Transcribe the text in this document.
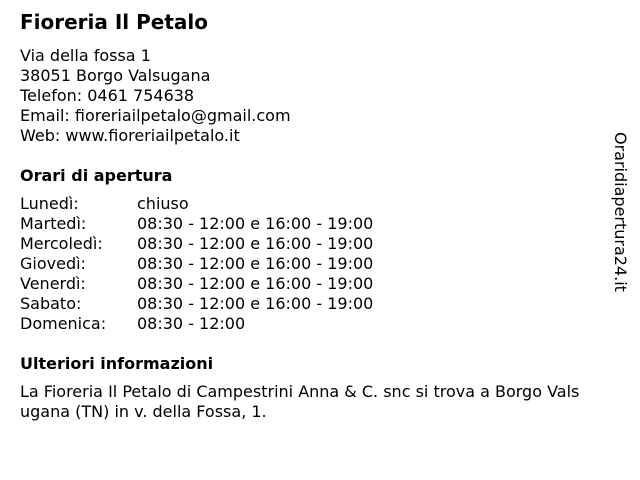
Fioreria Il Petalo
Via della fossa 1
38051 Borgo Valsugana
Telefon: 0461 754638
Email: fioreriailpetalo@gmail.com
Web: www.fioreriailpetalo.it
Orari di apertura
Lunedì:	chiuso
Martedì:	08:30 - 12:00 e 16:00 - 19:00
Mercoledì: 08:30 - 12:00 e 16:00 - 19:00
Giovedì:	08:30 - 12:00 e 16:00 - 19:00
Venerdì:	08:30 - 12:00 e 16:00 - 19:00
Sabato:	08:30 - 12:00 e 16:00 - 19:00
Domenica: 08:30 - 12:00
Ulteriori informazioni
La Fioreria Il Petalo di Campestrini Anna & C. snc si trova a Borgo Valsugana (TN) in v. della Fossa, 1.
Oraridiapertura24.it
